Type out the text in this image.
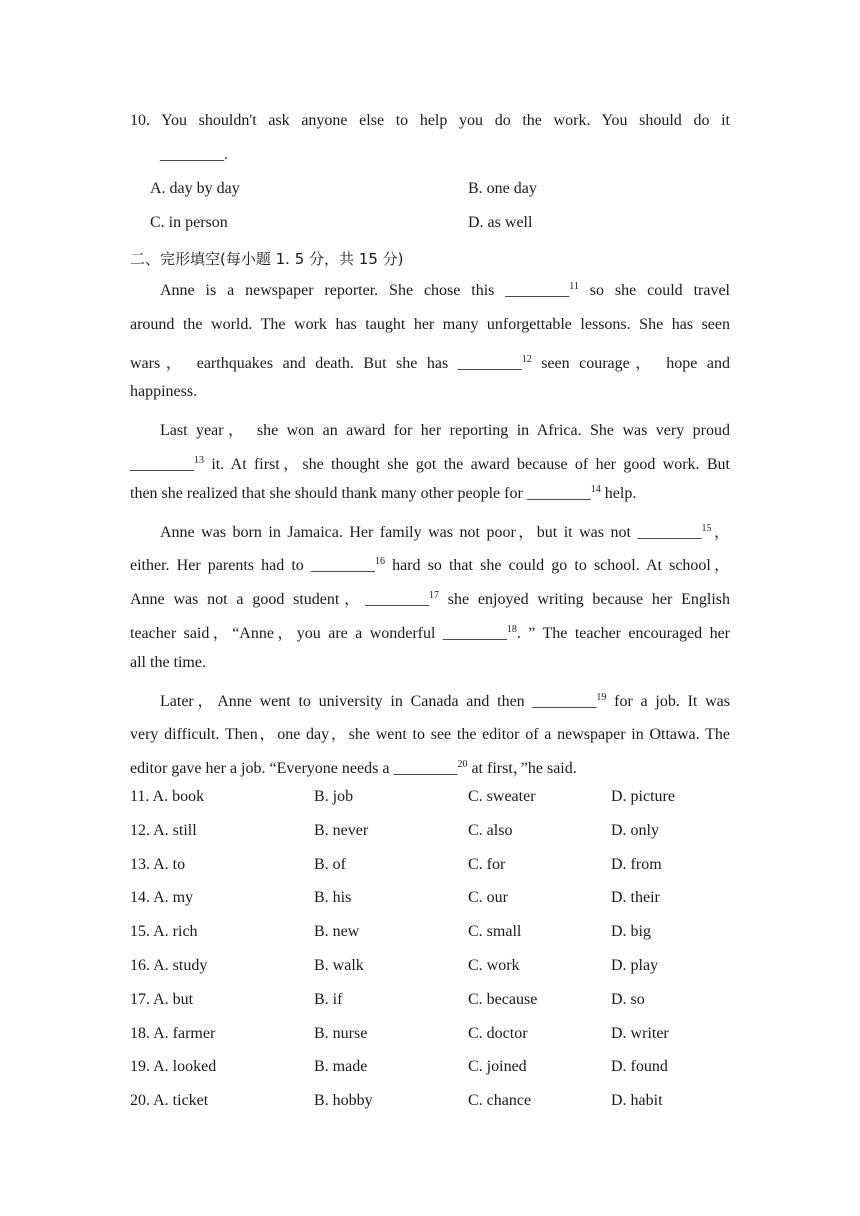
10. You shouldn't ask anyone else to help you do the work. You should do it
________.
A. day by day	B. one day
C. in person	D. as well
二、完形填空(每小题 1. 5 分，共 15 分)
Anne is a newspaper reporter. She chose this ________$^{11}$ so she could travel
around the world. The work has taught her many unforgettable lessons. She has seen
wars， earthquakes and death. But she has ________$^{12}$ seen courage， hope and
happiness.
Last year， she won an award for her reporting in Africa. She was very proud
________$^{13}$ it. At first，she thought she got the award because of her good work. But
then she realized that she should thank many other people for ________$^{14}$ help.
Anne was born in Jamaica. Her family was not poor，but it was not ________$^{15}$，
either. Her parents had to ________$^{16}$ hard so that she could go to school. At school，
Anne was not a good student，________$^{17}$ she enjoyed writing because her English
teacher said，“Anne，you are a wonderful ________$^{18}$. ” The teacher encouraged her
all the time.
Later，Anne went to university in Canada and then ________$^{19}$ for a job. It was
very difficult. Then，one day，she went to see the editor of a newspaper in Ottawa. The
editor gave her a job. “Everyone needs a ________$^{20}$ at first，”he said.
11. A. book	B. job	C. sweater	D. picture
12. A. still	B. never	C. also	D. only
13. A. to	B. of	C. for	D. from
14. A. my	B. his	C. our	D. their
15. A. rich	B. new	C. small	D. big
16. A. study	B. walk	C. work	D. play
17. A. but	B. if	C. because	D. so
18. A. farmer	B. nurse	C. doctor	D. writer
19. A. looked	B. made	C. joined	D. found
20. A. ticket	B. hobby	C. chance	D. habit
